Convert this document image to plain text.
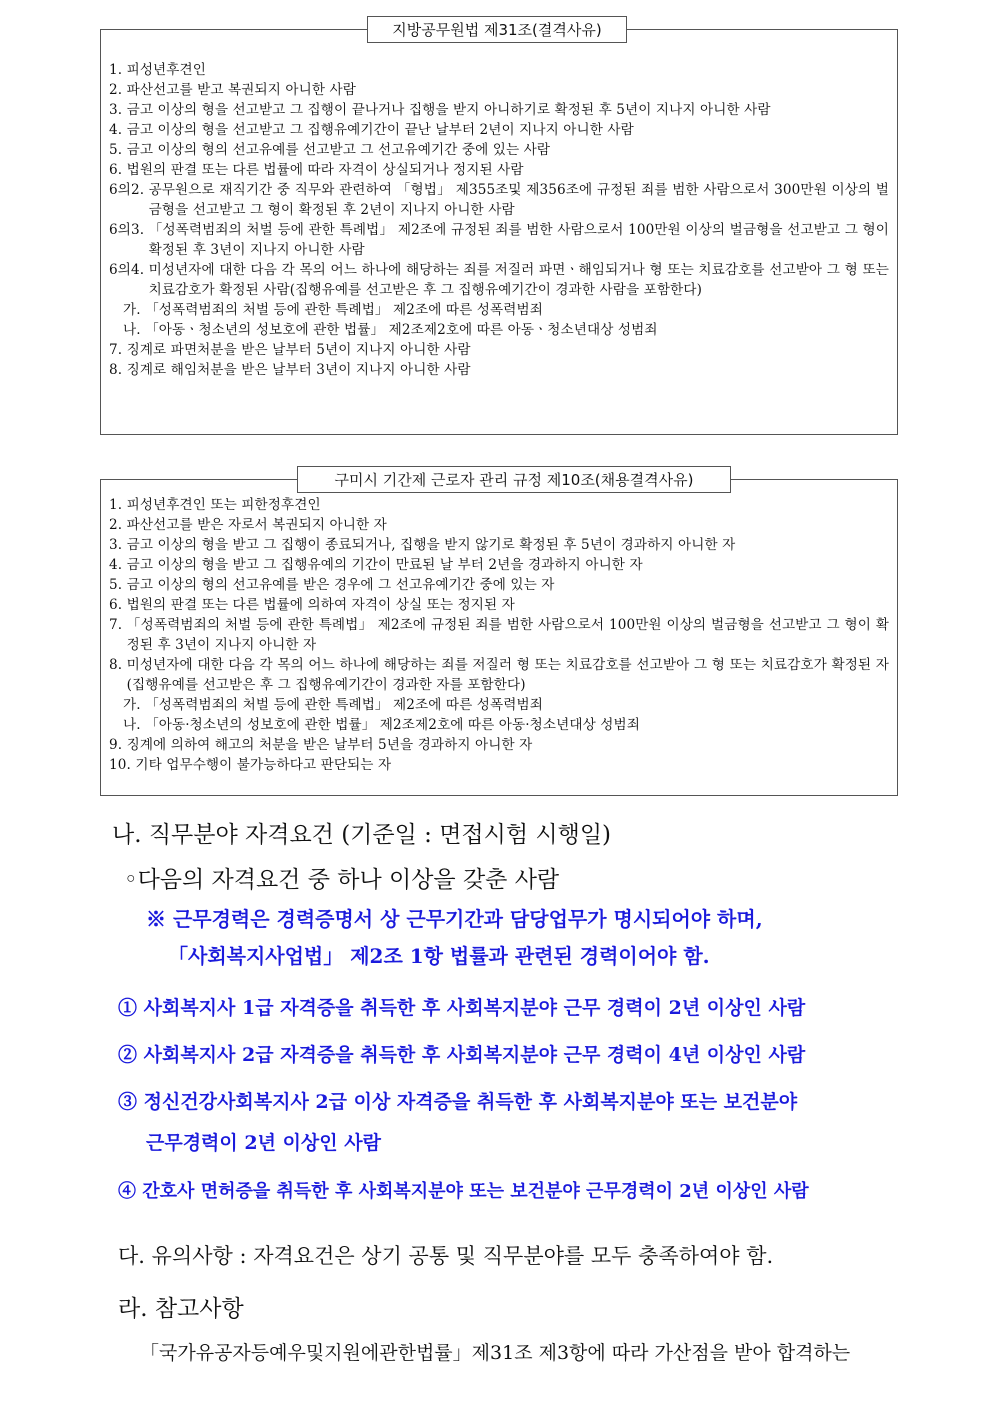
지방공무원법 제31조(결격사유)
1. 피성년후견인
2. 파산선고를 받고 복권되지 아니한 사람
3. 금고 이상의 형을 선고받고 그 집행이 끝나거나 집행을 받지 아니하기로 확정된 후 5년이 지나지 아니한 사람
4. 금고 이상의 형을 선고받고 그 집행유예기간이 끝난 날부터 2년이 지나지 아니한 사람
5. 금고 이상의 형의 선고유예를 선고받고 그 선고유예기간 중에 있는 사람
6. 법원의 판결 또는 다른 법률에 따라 자격이 상실되거나 정지된 사람
6의2. 공무원으로 재직기간 중 직무와 관련하여 「형법」 제355조및 제356조에 규정된 죄를 범한 사람으로서 300만원 이상의 벌금형을 선고받고 그 형이 확정된 후 2년이 지나지 아니한 사람
6의3. 「성폭력범죄의 처벌 등에 관한 특례법」 제2조에 규정된 죄를 범한 사람으로서 100만원 이상의 벌금형을 선고받고 그 형이 확정된 후 3년이 지나지 아니한 사람
6의4. 미성년자에 대한 다음 각 목의 어느 하나에 해당하는 죄를 저질러 파면ㆍ해임되거나 형 또는 치료감호를 선고받아 그 형 또는 치료감호가 확정된 사람(집행유예를 선고받은 후 그 집행유예기간이 경과한 사람을 포함한다)
가. 「성폭력범죄의 처벌 등에 관한 특례법」 제2조에 따른 성폭력범죄
나. 「아동ㆍ청소년의 성보호에 관한 법률」 제2조제2호에 따른 아동ㆍ청소년대상 성범죄
7. 징계로 파면처분을 받은 날부터 5년이 지나지 아니한 사람
8. 징계로 해임처분을 받은 날부터 3년이 지나지 아니한 사람
구미시 기간제 근로자 관리 규정 제10조(채용결격사유)
1. 피성년후견인 또는 피한정후견인
2. 파산선고를 받은 자로서 복권되지 아니한 자
3. 금고 이상의 형을 받고 그 집행이 종료되거나, 집행을 받지 않기로 확정된 후 5년이 경과하지 아니한 자
4. 금고 이상의 형을 받고 그 집행유예의 기간이 만료된 날 부터 2년을 경과하지 아니한 자
5. 금고 이상의 형의 선고유예를 받은 경우에 그 선고유예기간 중에 있는 자
6. 법원의 판결 또는 다른 법률에 의하여 자격이 상실 또는 정지된 자
7. 「성폭력범죄의 처벌 등에 관한 특례법」 제2조에 규정된 죄를 범한 사람으로서 100만원 이상의 벌금형을 선고받고 그 형이 확정된 후 3년이 지나지 아니한 자
8. 미성년자에 대한 다음 각 목의 어느 하나에 해당하는 죄를 저질러 형 또는 치료감호를 선고받아 그 형 또는 치료감호가 확정된 자(집행유예를 선고받은 후 그 집행유예기간이 경과한 자를 포함한다)
가. 「성폭력범죄의 처벌 등에 관한 특례법」 제2조에 따른 성폭력범죄
나. 「아동·청소년의 성보호에 관한 법률」 제2조제2호에 따른 아동·청소년대상 성범죄
9. 징계에 의하여 해고의 처분을 받은 날부터 5년을 경과하지 아니한 자
10. 기타 업무수행이 불가능하다고 판단되는 자
나. 직무분야 자격요건 (기준일 : 면접시험 시행일)
◦다음의 자격요건 중 하나 이상을 갖춘 사람
※ 근무경력은 경력증명서 상 근무기간과 담당업무가 명시되어야 하며,
「사회복지사업법」 제2조 1항 법률과 관련된 경력이어야 함.
① 사회복지사 1급 자격증을 취득한 후 사회복지분야 근무 경력이 2년 이상인 사람
② 사회복지사 2급 자격증을 취득한 후 사회복지분야 근무 경력이 4년 이상인 사람
③ 정신건강사회복지사 2급 이상 자격증을 취득한 후 사회복지분야 또는 보건분야
근무경력이 2년 이상인 사람
④ 간호사 면허증을 취득한 후 사회복지분야 또는 보건분야 근무경력이 2년 이상인 사람
다. 유의사항 : 자격요건은 상기 공통 및 직무분야를 모두 충족하여야 함.
라. 참고사항
「국가유공자등예우및지원에관한법률」제31조 제3항에 따라 가산점을 받아 합격하는
